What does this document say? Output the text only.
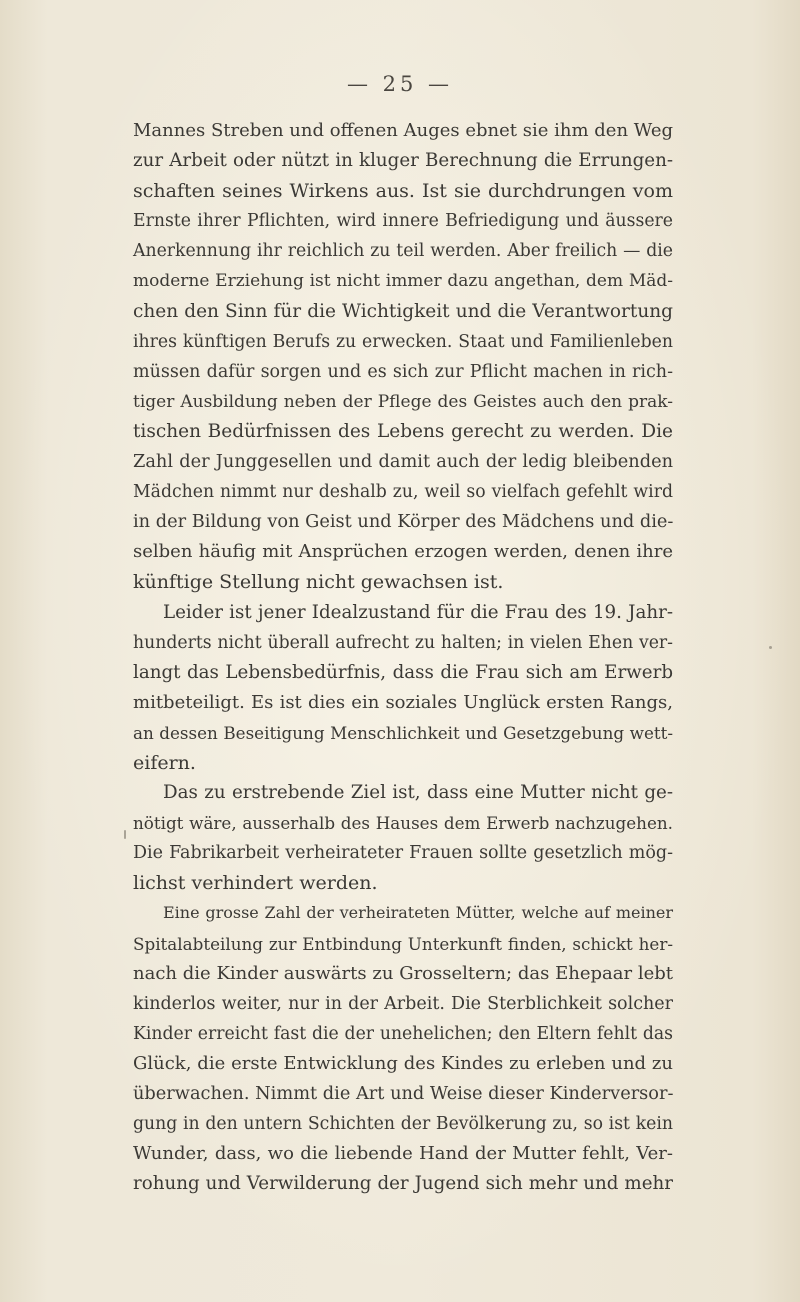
— 25 —
Mannes Streben und offenen Auges ebnet sie ihm den Weg
zur Arbeit oder nützt in kluger Berechnung die Errungen-
schaften seines Wirkens aus. Ist sie durchdrungen vom
Ernste ihrer Pflichten, wird innere Befriedigung und äussere
Anerkennung ihr reichlich zu teil werden. Aber freilich — die
moderne Erziehung ist nicht immer dazu angethan, dem Mäd-
chen den Sinn für die Wichtigkeit und die Verantwortung
ihres künftigen Berufs zu erwecken. Staat und Familienleben
müssen dafür sorgen und es sich zur Pflicht machen in rich-
tiger Ausbildung neben der Pflege des Geistes auch den prak-
tischen Bedürfnissen des Lebens gerecht zu werden. Die
Zahl der Junggesellen und damit auch der ledig bleibenden
Mädchen nimmt nur deshalb zu, weil so vielfach gefehlt wird
in der Bildung von Geist und Körper des Mädchens und die-
selben häufig mit Ansprüchen erzogen werden, denen ihre
künftige Stellung nicht gewachsen ist.
Leider ist jener Idealzustand für die Frau des 19. Jahr-
hunderts nicht überall aufrecht zu halten; in vielen Ehen ver-
langt das Lebensbedürfnis, dass die Frau sich am Erwerb
mitbeteiligt. Es ist dies ein soziales Unglück ersten Rangs,
an dessen Beseitigung Menschlichkeit und Gesetzgebung wett-
eifern.
Das zu erstrebende Ziel ist, dass eine Mutter nicht ge-
nötigt wäre, ausserhalb des Hauses dem Erwerb nachzugehen.
Die Fabrikarbeit verheirateter Frauen sollte gesetzlich mög-
lichst verhindert werden.
Eine grosse Zahl der verheirateten Mütter, welche auf meiner
Spitalabteilung zur Entbindung Unterkunft finden, schickt her-
nach die Kinder auswärts zu Grosseltern; das Ehepaar lebt
kinderlos weiter, nur in der Arbeit. Die Sterblichkeit solcher
Kinder erreicht fast die der unehelichen; den Eltern fehlt das
Glück, die erste Entwicklung des Kindes zu erleben und zu
überwachen. Nimmt die Art und Weise dieser Kinderversor-
gung in den untern Schichten der Bevölkerung zu, so ist kein
Wunder, dass, wo die liebende Hand der Mutter fehlt, Ver-
rohung und Verwilderung der Jugend sich mehr und mehr
